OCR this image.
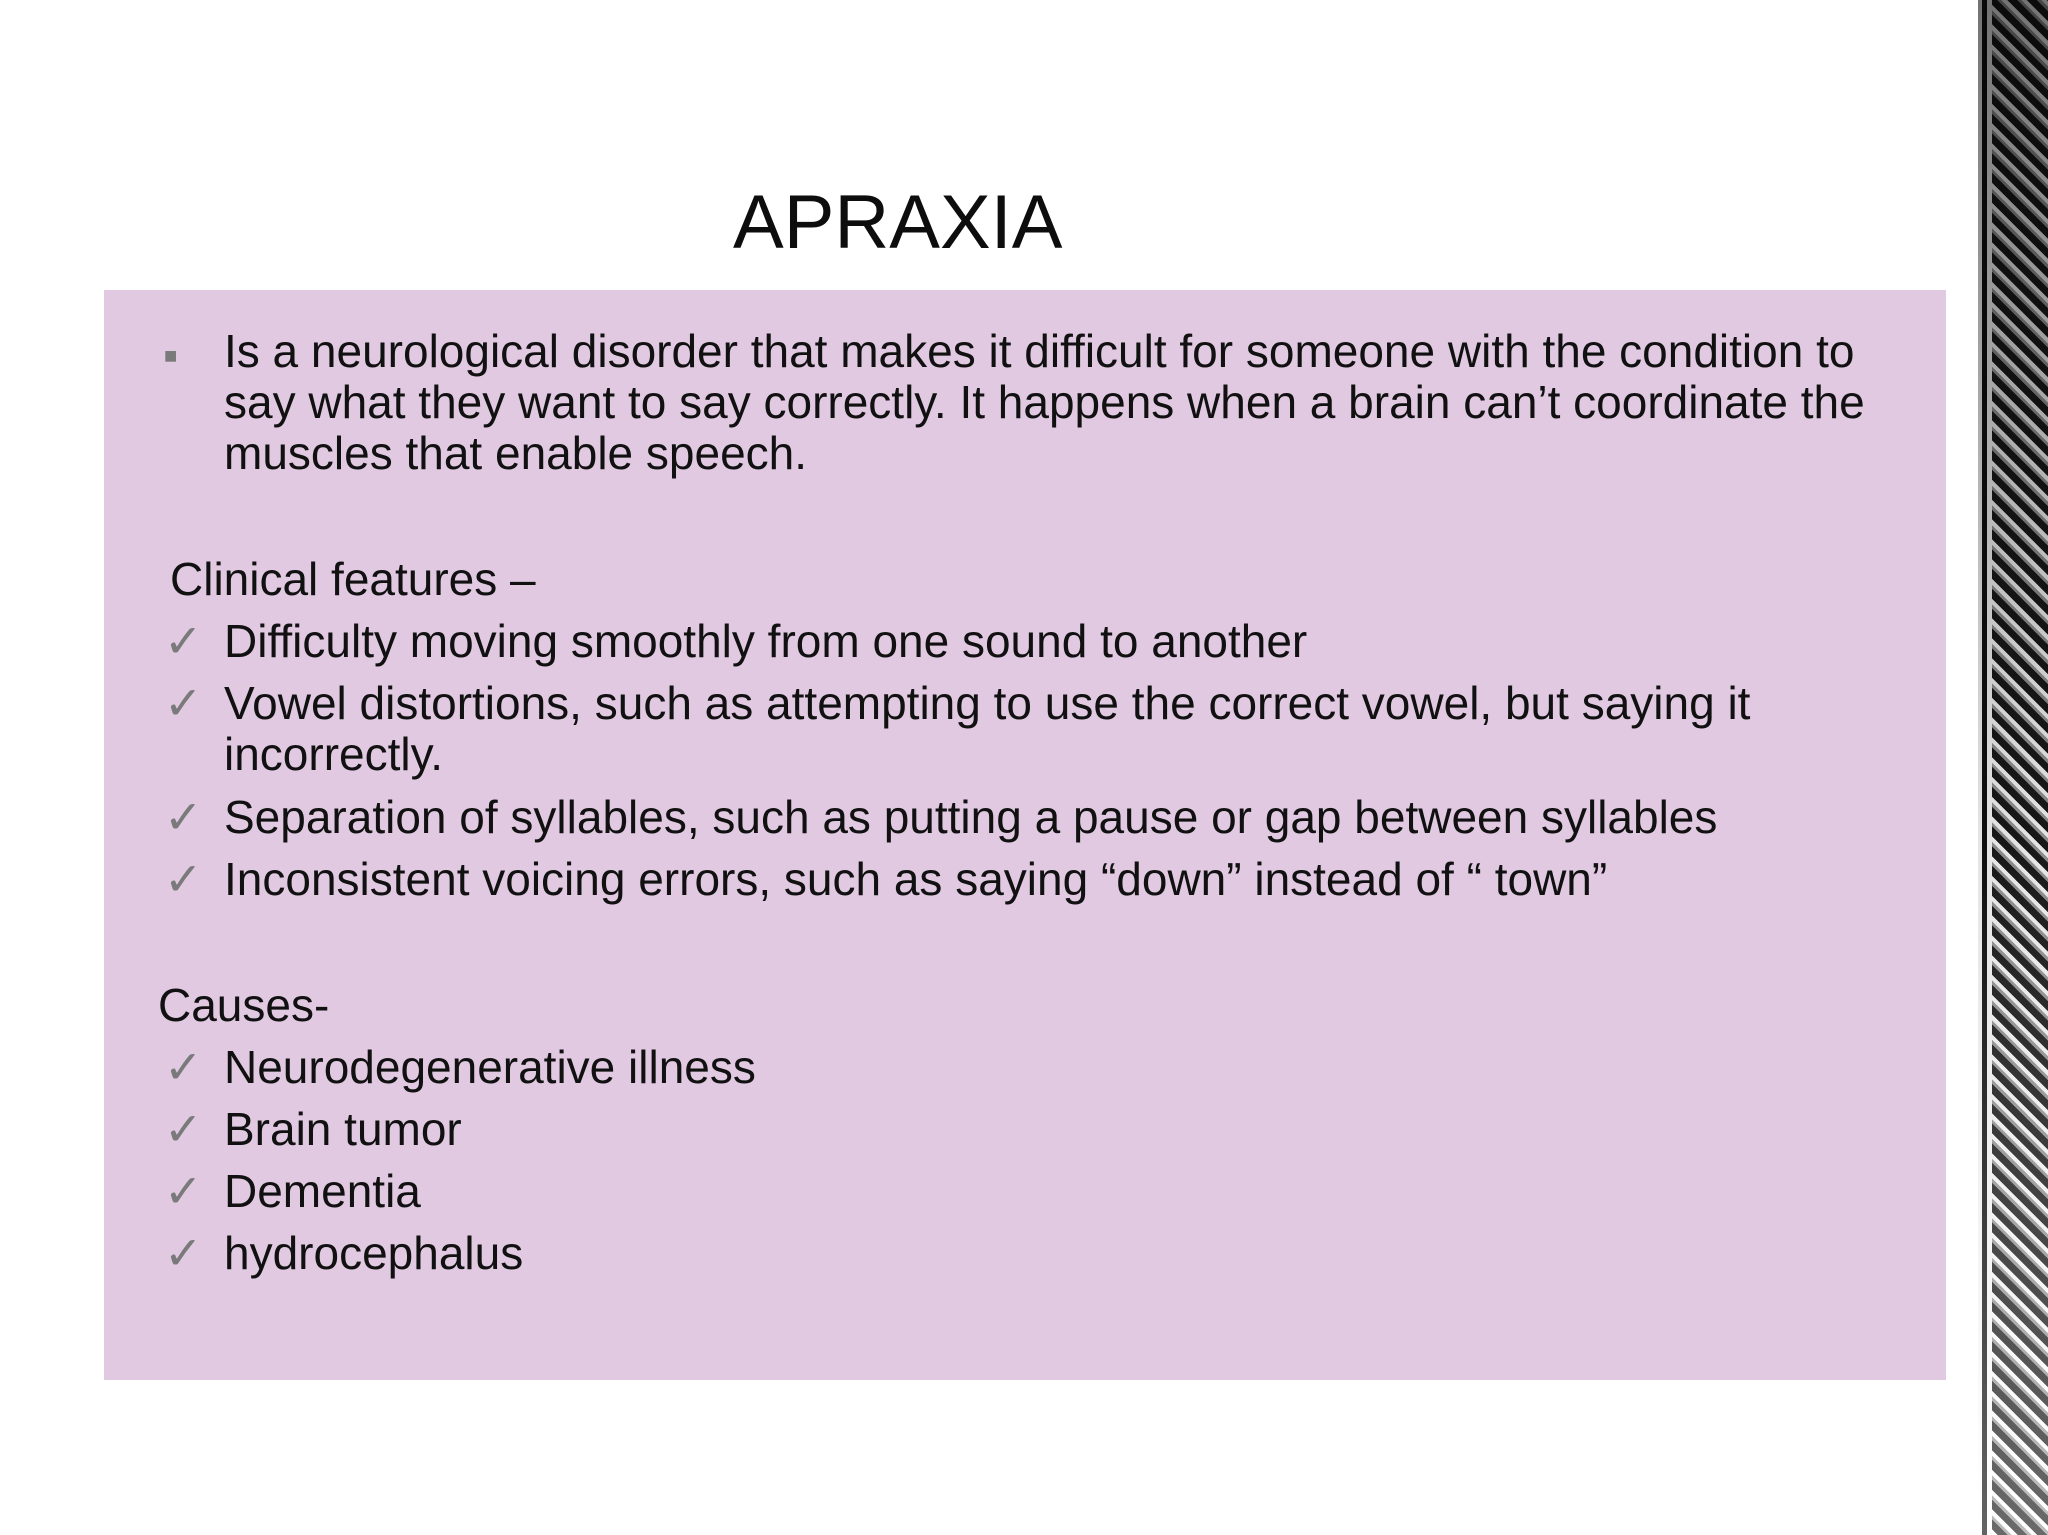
APRAXIA
■	Is a neurological disorder that makes it difficult for someone with the condition to say what they want to say correctly. It happens when a brain can’t coordinate the muscles that enable speech.
Clinical features –
✓ Difficulty moving smoothly from one sound to another
✓ Vowel distortions, such as attempting to use the correct vowel, but saying it incorrectly.
✓ Separation of syllables, such as putting a pause or gap between syllables
✓ Inconsistent voicing errors, such as saying “down” instead of “ town”
Causes-
✓ Neurodegenerative illness
✓ Brain tumor
✓ Dementia
✓ hydrocephalus
